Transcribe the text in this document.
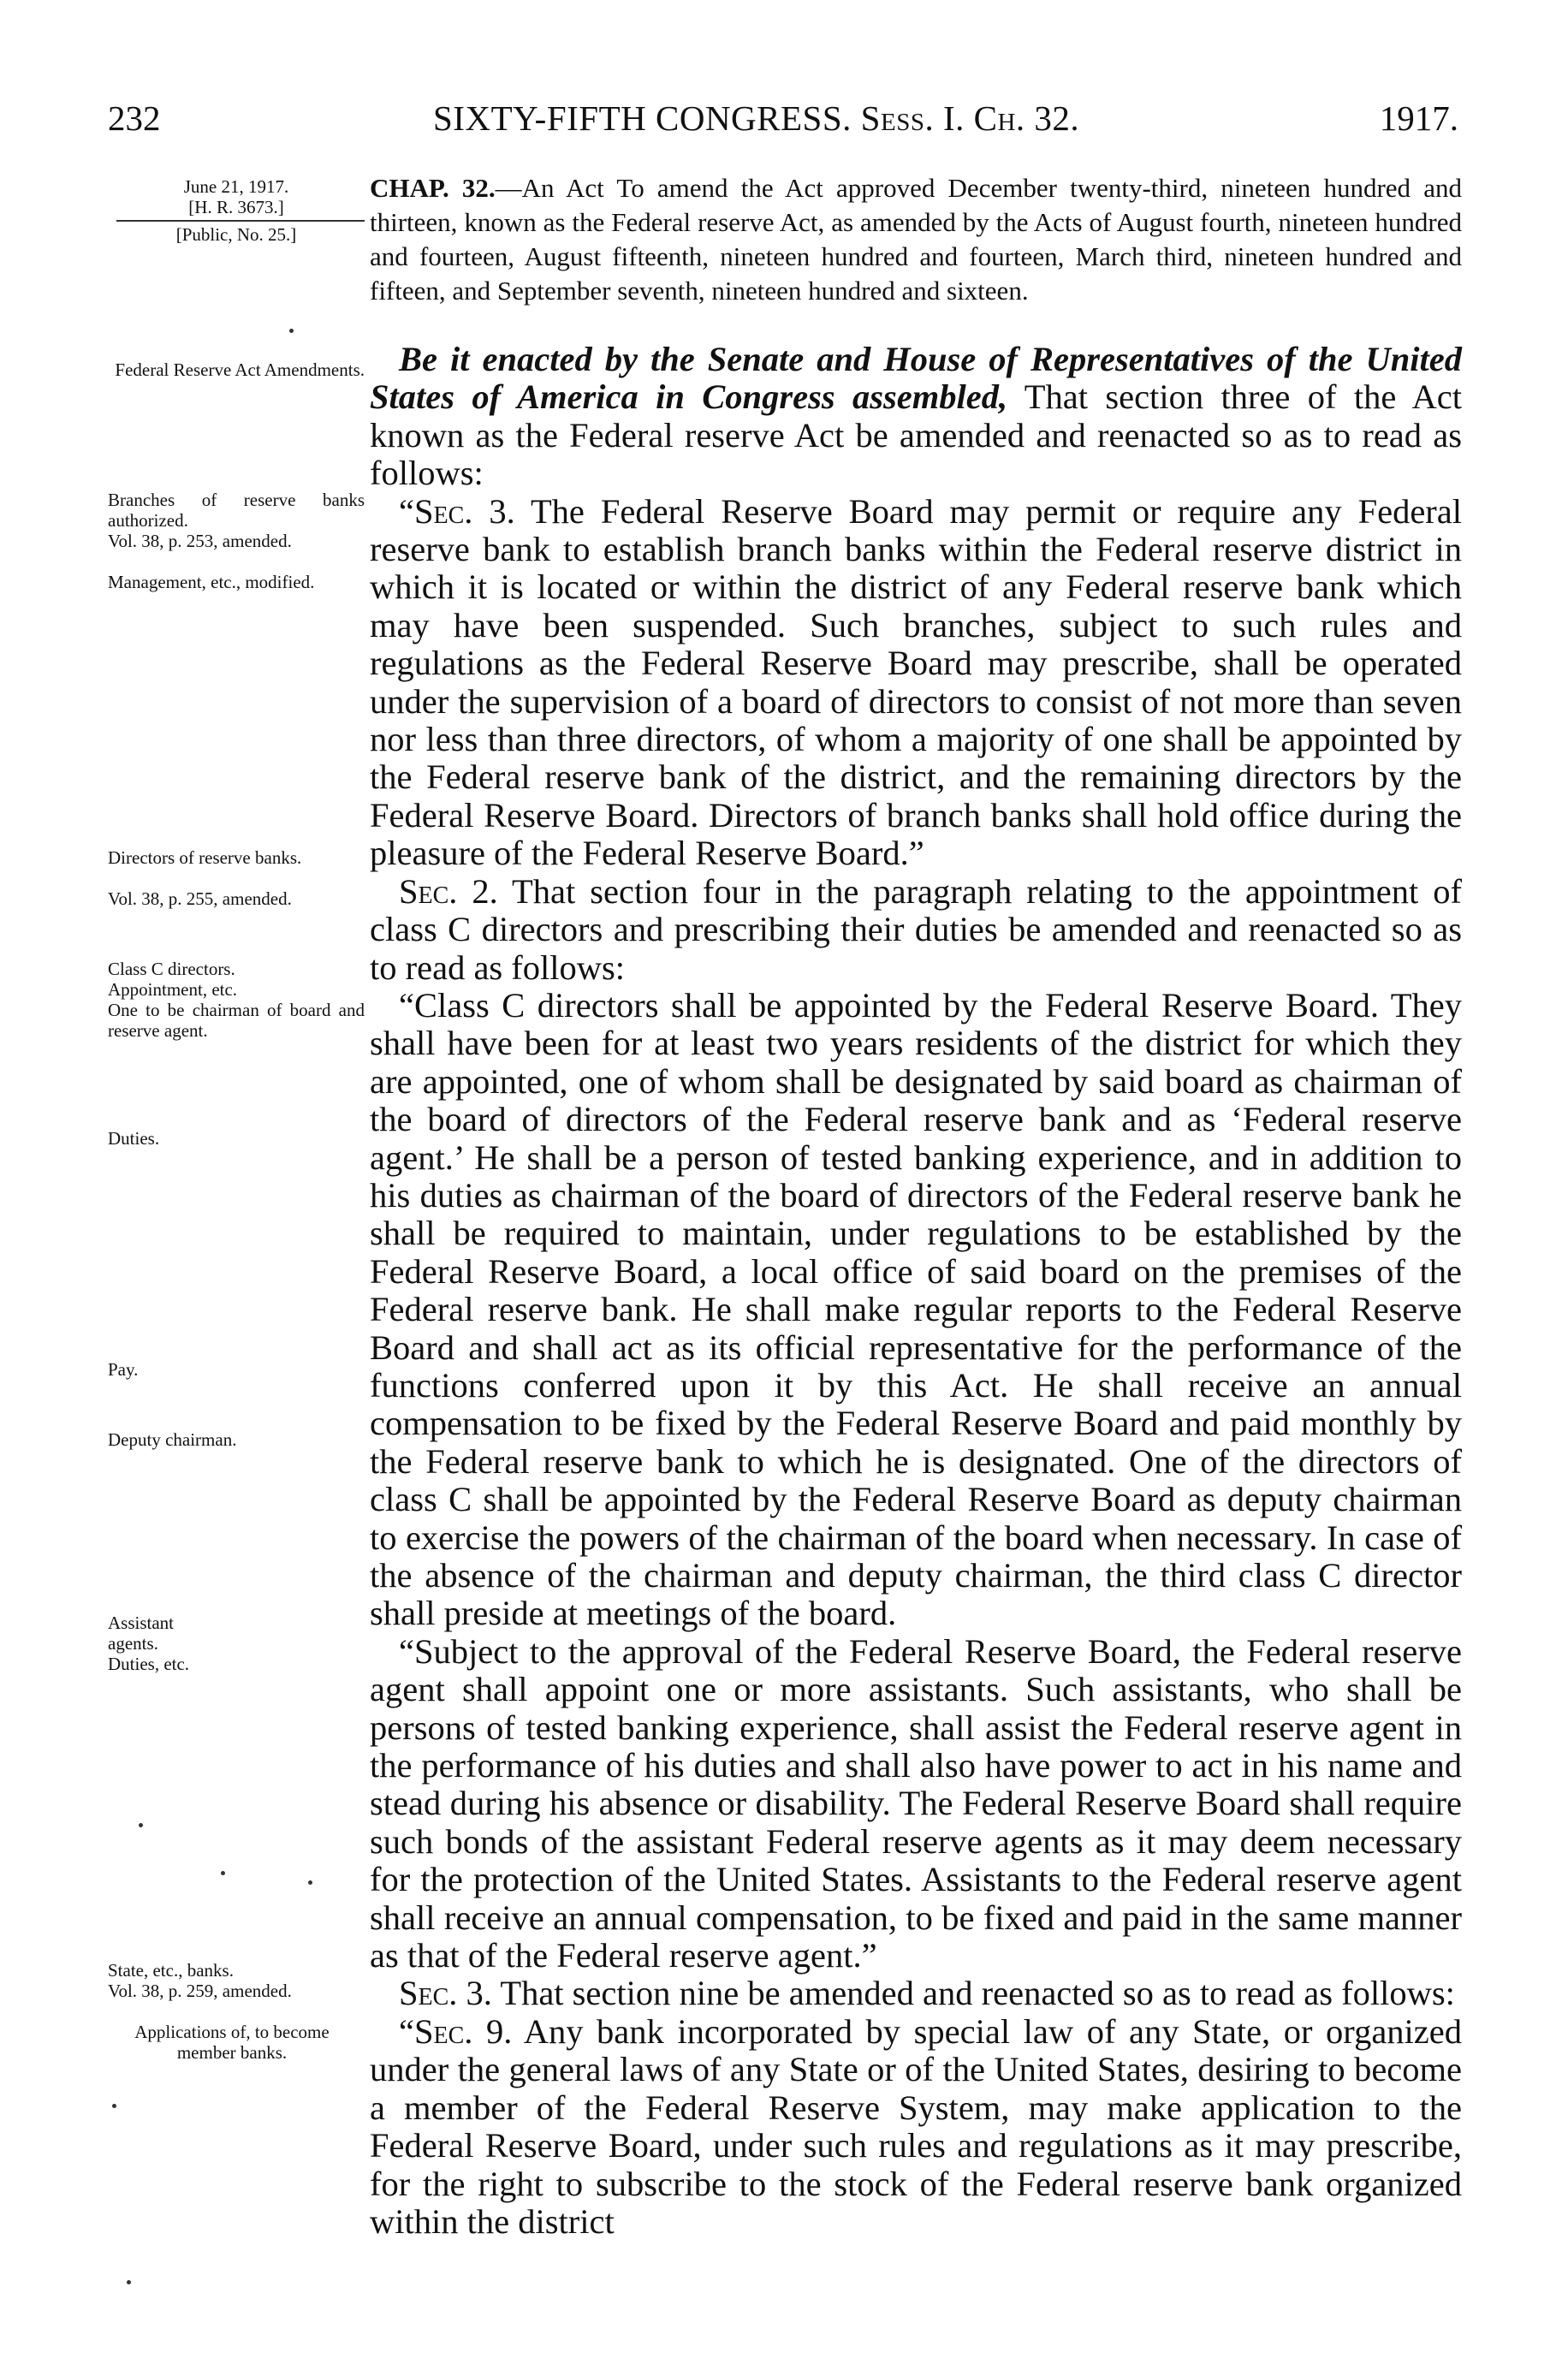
232	SIXTY-FIFTH CONGRESS. Sess. I. Ch. 32.	1917.
June 21, 1917.
[H. R. 3673.]
[Public, No. 25.]
Federal Reserve Act Amendments.
Branches of reserve banks authorized.
Vol. 38, p. 253, amended.
Management, etc., modified.
Directors of reserve banks.
Vol. 38, p. 255, amended.
Class C directors.
Appointment, etc.
One to be chairman of board and reserve agent.
Duties.
Pay.
Deputy chairman.
Assistant agents. Duties, etc.
State, etc., banks.
Vol. 38, p. 259, amended.
Applications of, to become member banks.
CHAP. 32.—An Act To amend the Act approved December twenty-third, nineteen hundred and thirteen, known as the Federal reserve Act, as amended by the Acts of August fourth, nineteen hundred and fourteen, August fifteenth, nineteen hundred and fourteen, March third, nineteen hundred and fifteen, and September seventh, nineteen hundred and sixteen.

Be it enacted by the Senate and House of Representatives of the United States of America in Congress assembled, That section three of the Act known as the Federal reserve Act be amended and reenacted so as to read as follows:

“Sec. 3. The Federal Reserve Board may permit or require any Federal reserve bank to establish branch banks within the Federal reserve district in which it is located or within the district of any Federal reserve bank which may have been suspended. Such branches, subject to such rules and regulations as the Federal Reserve Board may prescribe, shall be operated under the supervision of a board of directors to consist of not more than seven nor less than three directors, of whom a majority of one shall be appointed by the Federal reserve bank of the district, and the remaining directors by the Federal Reserve Board. Directors of branch banks shall hold office during the pleasure of the Federal Reserve Board.”

Sec. 2. That section four in the paragraph relating to the appointment of class C directors and prescribing their duties be amended and reenacted so as to read as follows:

“Class C directors shall be appointed by the Federal Reserve Board. They shall have been for at least two years residents of the district for which they are appointed, one of whom shall be designated by said board as chairman of the board of directors of the Federal reserve bank and as ‘Federal reserve agent.’ He shall be a person of tested banking experience, and in addition to his duties as chairman of the board of directors of the Federal reserve bank he shall be required to maintain, under regulations to be established by the Federal Reserve Board, a local office of said board on the premises of the Federal reserve bank. He shall make regular reports to the Federal Reserve Board and shall act as its official representative for the performance of the functions conferred upon it by this Act. He shall receive an annual compensation to be fixed by the Federal Reserve Board and paid monthly by the Federal reserve bank to which he is designated. One of the directors of class C shall be appointed by the Federal Reserve Board as deputy chairman to exercise the powers of the chairman of the board when necessary. In case of the absence of the chairman and deputy chairman, the third class C director shall preside at meetings of the board.

“Subject to the approval of the Federal Reserve Board, the Federal reserve agent shall appoint one or more assistants. Such assistants, who shall be persons of tested banking experience, shall assist the Federal reserve agent in the performance of his duties and shall also have power to act in his name and stead during his absence or disability. The Federal Reserve Board shall require such bonds of the assistant Federal reserve agents as it may deem necessary for the protection of the United States. Assistants to the Federal reserve agent shall receive an annual compensation, to be fixed and paid in the same manner as that of the Federal reserve agent.”

Sec. 3. That section nine be amended and reenacted so as to read as follows:

“Sec. 9. Any bank incorporated by special law of any State, or organized under the general laws of any State or of the United States, desiring to become a member of the Federal Reserve System, may make application to the Federal Reserve Board, under such rules and regulations as it may prescribe, for the right to subscribe to the stock of the Federal reserve bank organized within the district
